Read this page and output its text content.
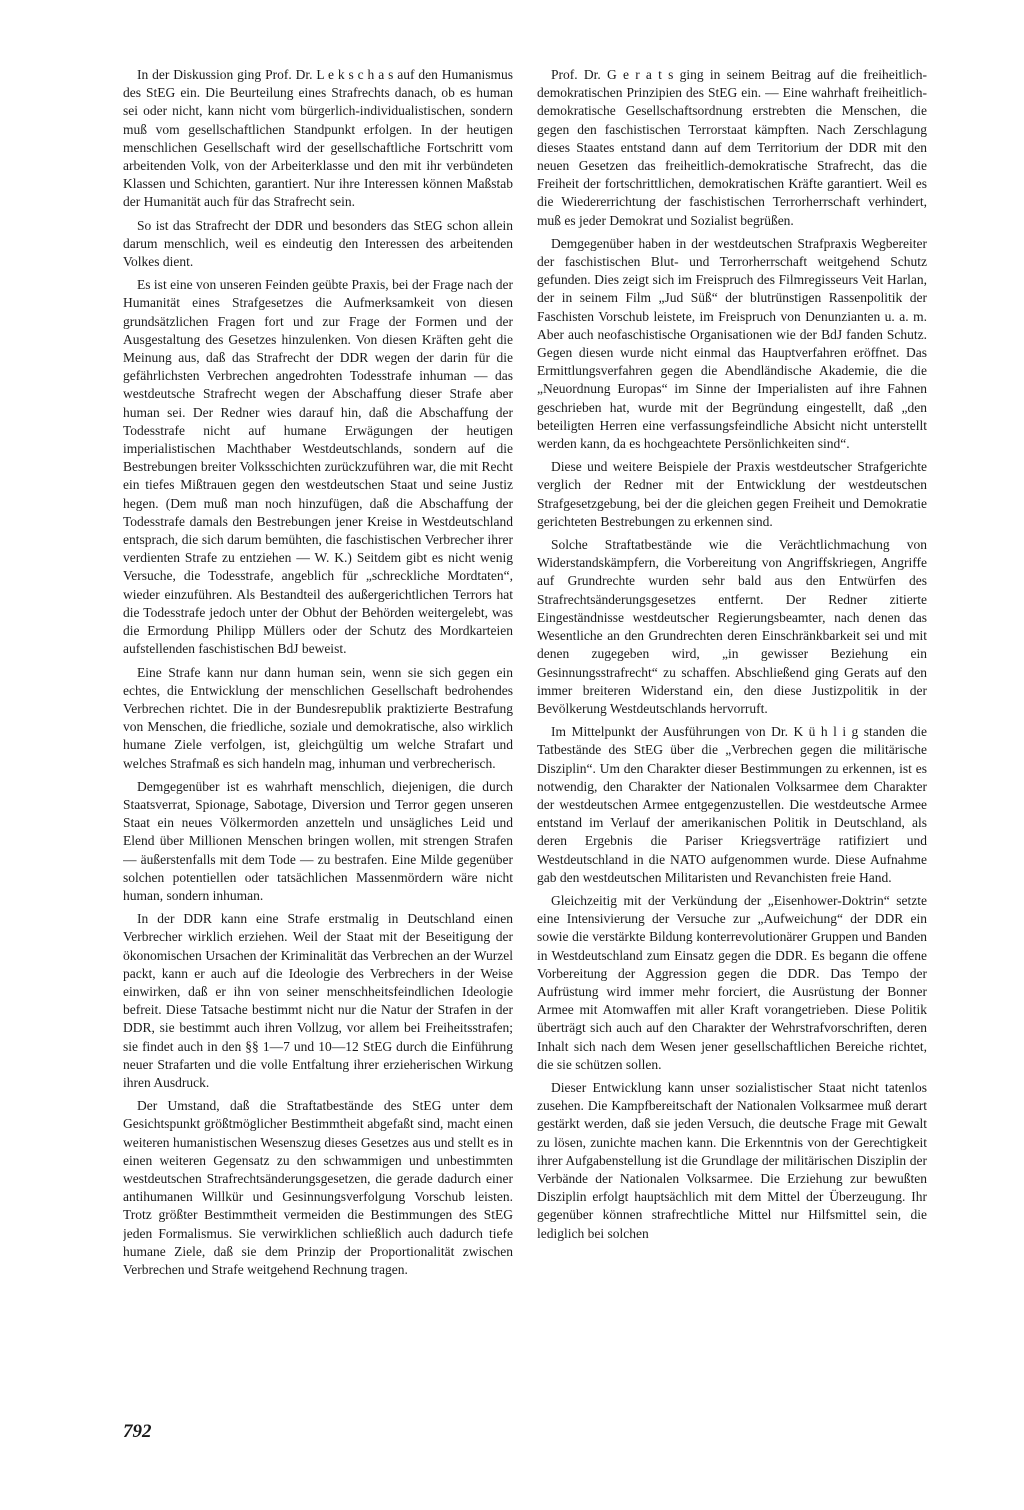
In der Diskussion ging Prof. Dr. L e k s c h a s auf den Humanismus des StEG ein. Die Beurteilung eines Strafrechts danach, ob es human sei oder nicht, kann nicht vom bürgerlich-individualistischen, sondern muß vom gesellschaftlichen Standpunkt erfolgen. In der heutigen menschlichen Gesellschaft wird der gesellschaftliche Fortschritt vom arbeitenden Volk, von der Arbeiterklasse und den mit ihr verbündeten Klassen und Schichten, garantiert. Nur ihre Interessen können Maßstab der Humanität auch für das Strafrecht sein.

So ist das Strafrecht der DDR und besonders das StEG schon allein darum menschlich, weil es eindeutig den Interessen des arbeitenden Volkes dient.

Es ist eine von unseren Feinden geübte Praxis, bei der Frage nach der Humanität eines Strafgesetzes die Aufmerksamkeit von diesen grundsätzlichen Fragen fort und zur Frage der Formen und der Ausgestaltung des Gesetzes hinzulenken. Von diesen Kräften geht die Meinung aus, daß das Strafrecht der DDR wegen der darin für die gefährlichsten Verbrechen angedrohten Todesstrafe inhuman — das westdeutsche Strafrecht wegen der Abschaffung dieser Strafe aber human sei. Der Redner wies darauf hin, daß die Abschaffung der Todesstrafe nicht auf humane Erwägungen der heutigen imperialistischen Machthaber Westdeutschlands, sondern auf die Bestrebungen breiter Volksschichten zurückzuführen war, die mit Recht ein tiefes Mißtrauen gegen den westdeutschen Staat und seine Justiz hegen. (Dem muß man noch hinzufügen, daß die Abschaffung der Todesstrafe damals den Bestrebungen jener Kreise in Westdeutschland entsprach, die sich darum bemühten, die faschistischen Verbrecher ihrer verdienten Strafe zu entziehen — W. K.) Seitdem gibt es nicht wenig Versuche, die Todesstrafe, angeblich für „schreckliche Mordtaten“, wieder einzuführen. Als Bestandteil des außergerichtlichen Terrors hat die Todesstrafe jedoch unter der Obhut der Behörden weitergelebt, was die Ermordung Philipp Müllers oder der Schutz des Mordkarteien aufstellenden faschistischen BdJ beweist.

Eine Strafe kann nur dann human sein, wenn sie sich gegen ein echtes, die Entwicklung der menschlichen Gesellschaft bedrohendes Verbrechen richtet. Die in der Bundesrepublik praktizierte Bestrafung von Menschen, die friedliche, soziale und demokratische, also wirklich humane Ziele verfolgen, ist, gleichgültig um welche Strafart und welches Strafmaß es sich handeln mag, inhuman und verbrecherisch.

Demgegenüber ist es wahrhaft menschlich, diejenigen, die durch Staatsverrat, Spionage, Sabotage, Diversion und Terror gegen unseren Staat ein neues Völkermorden anzetteln und unsägliches Leid und Elend über Millionen Menschen bringen wollen, mit strengen Strafen — äußerstenfalls mit dem Tode — zu bestrafen. Eine Milde gegenüber solchen potentiellen oder tatsächlichen Massenmördern wäre nicht human, sondern inhuman.

In der DDR kann eine Strafe erstmalig in Deutschland einen Verbrecher wirklich erziehen. Weil der Staat mit der Beseitigung der ökonomischen Ursachen der Kriminalität das Verbrechen an der Wurzel packt, kann er auch auf die Ideologie des Verbrechers in der Weise einwirken, daß er ihn von seiner menschheitsfeindlichen Ideologie befreit. Diese Tatsache bestimmt nicht nur die Natur der Strafen in der DDR, sie bestimmt auch ihren Vollzug, vor allem bei Freiheitsstrafen; sie findet auch in den §§ 1—7 und 10—12 StEG durch die Einführung neuer Strafarten und die volle Entfaltung ihrer erzieherischen Wirkung ihren Ausdruck.

Der Umstand, daß die Straftatbestände des StEG unter dem Gesichtspunkt größtmöglicher Bestimmtheit abgefaßt sind, macht einen weiteren humanistischen Wesenszug dieses Gesetzes aus und stellt es in einen weiteren Gegensatz zu den schwammigen und unbestimmten westdeutschen Strafrechtsänderungsgesetzen, die gerade dadurch einer antihumanen Willkür und Gesinnungsverfolgung Vorschub leisten. Trotz größter Bestimmtheit vermeiden die Bestimmungen des StEG jeden Formalismus. Sie verwirklichen schließlich auch dadurch tiefe humane Ziele, daß sie dem Prinzip der Proportionalität zwischen Verbrechen und Strafe weitgehend Rechnung tragen.

Prof. Dr. G e r a t s ging in seinem Beitrag auf die freiheitlich-demokratischen Prinzipien des StEG ein. — Eine wahrhaft freiheitlich-demokratische Gesellschaftsordnung erstrebten die Menschen, die gegen den faschistischen Terrorstaat kämpften. Nach Zerschlagung dieses Staates entstand dann auf dem Territorium der DDR mit den neuen Gesetzen das freiheitlich-demokratische Strafrecht, das die Freiheit der fortschrittlichen, demokratischen Kräfte garantiert. Weil es die Wiedererrichtung der faschistischen Terrorherrschaft verhindert, muß es jeder Demokrat und Sozialist begrüßen.

Demgegenüber haben in der westdeutschen Strafpraxis Wegbereiter der faschistischen Blut- und Terrorherrschaft weitgehend Schutz gefunden. Dies zeigt sich im Freispruch des Filmregisseurs Veit Harlan, der in seinem Film „Jud Süß“ der blutrünstigen Rassenpolitik der Faschisten Vorschub leistete, im Freispruch von Denunzianten u. a. m. Aber auch neofaschistische Organisationen wie der BdJ fanden Schutz. Gegen diesen wurde nicht einmal das Hauptverfahren eröffnet. Das Ermittlungsverfahren gegen die Abendländische Akademie, die die „Neuordnung Europas“ im Sinne der Imperialisten auf ihre Fahnen geschrieben hat, wurde mit der Begründung eingestellt, daß „den beteiligten Herren eine verfassungsfeindliche Absicht nicht unterstellt werden kann, da es hochgeachtete Persönlichkeiten sind“.

Diese und weitere Beispiele der Praxis westdeutscher Strafgerichte verglich der Redner mit der Entwicklung der westdeutschen Strafgesetzgebung, bei der die gleichen gegen Freiheit und Demokratie gerichteten Bestrebungen zu erkennen sind.

Solche Straftatbestände wie die Verächtlichmachung von Widerstandskämpfern, die Vorbereitung von Angriffskriegen, Angriffe auf Grundrechte wurden sehr bald aus den Entwürfen des Strafrechtsänderungsgesetzes entfernt. Der Redner zitierte Eingeständnisse westdeutscher Regierungsbeamter, nach denen das Wesentliche an den Grundrechten deren Einschränkbarkeit sei und mit denen zugegeben wird, „in gewisser Beziehung ein Gesinnungsstrafrecht“ zu schaffen. Abschließend ging Gerats auf den immer breiteren Widerstand ein, den diese Justizpolitik in der Bevölkerung Westdeutschlands hervorruft.

Im Mittelpunkt der Ausführungen von Dr. K ü h l i g standen die Tatbestände des StEG über die „Verbrechen gegen die militärische Disziplin“. Um den Charakter dieser Bestimmungen zu erkennen, ist es notwendig, den Charakter der Nationalen Volksarmee dem Charakter der westdeutschen Armee entgegenzustellen. Die westdeutsche Armee entstand im Verlauf der amerikanischen Politik in Deutschland, als deren Ergebnis die Pariser Kriegsverträge ratifiziert und Westdeutschland in die NATO aufgenommen wurde. Diese Aufnahme gab den westdeutschen Militaristen und Revanchisten freie Hand.

Gleichzeitig mit der Verkündung der „Eisenhower-Doktrin“ setzte eine Intensivierung der Versuche zur „Aufweichung“ der DDR ein sowie die verstärkte Bildung konterrevolutionärer Gruppen und Banden in Westdeutschland zum Einsatz gegen die DDR. Es begann die offene Vorbereitung der Aggression gegen die DDR. Das Tempo der Aufrüstung wird immer mehr forciert, die Ausrüstung der Bonner Armee mit Atomwaffen mit aller Kraft vorangetrieben. Diese Politik überträgt sich auch auf den Charakter der Wehrstrafvorschriften, deren Inhalt sich nach dem Wesen jener gesellschaftlichen Bereiche richtet, die sie schützen sollen.

Dieser Entwicklung kann unser sozialistischer Staat nicht tatenlos zusehen. Die Kampfbereitschaft der Nationalen Volksarmee muß derart gestärkt werden, daß sie jeden Versuch, die deutsche Frage mit Gewalt zu lösen, zunichte machen kann. Die Erkenntnis von der Gerechtigkeit ihrer Aufgabenstellung ist die Grundlage der militärischen Disziplin der Verbände der Nationalen Volksarmee. Die Erziehung zur bewußten Disziplin erfolgt hauptsächlich mit dem Mittel der Überzeugung. Ihr gegenüber können strafrechtliche Mittel nur Hilfsmittel sein, die lediglich bei solchen

792
